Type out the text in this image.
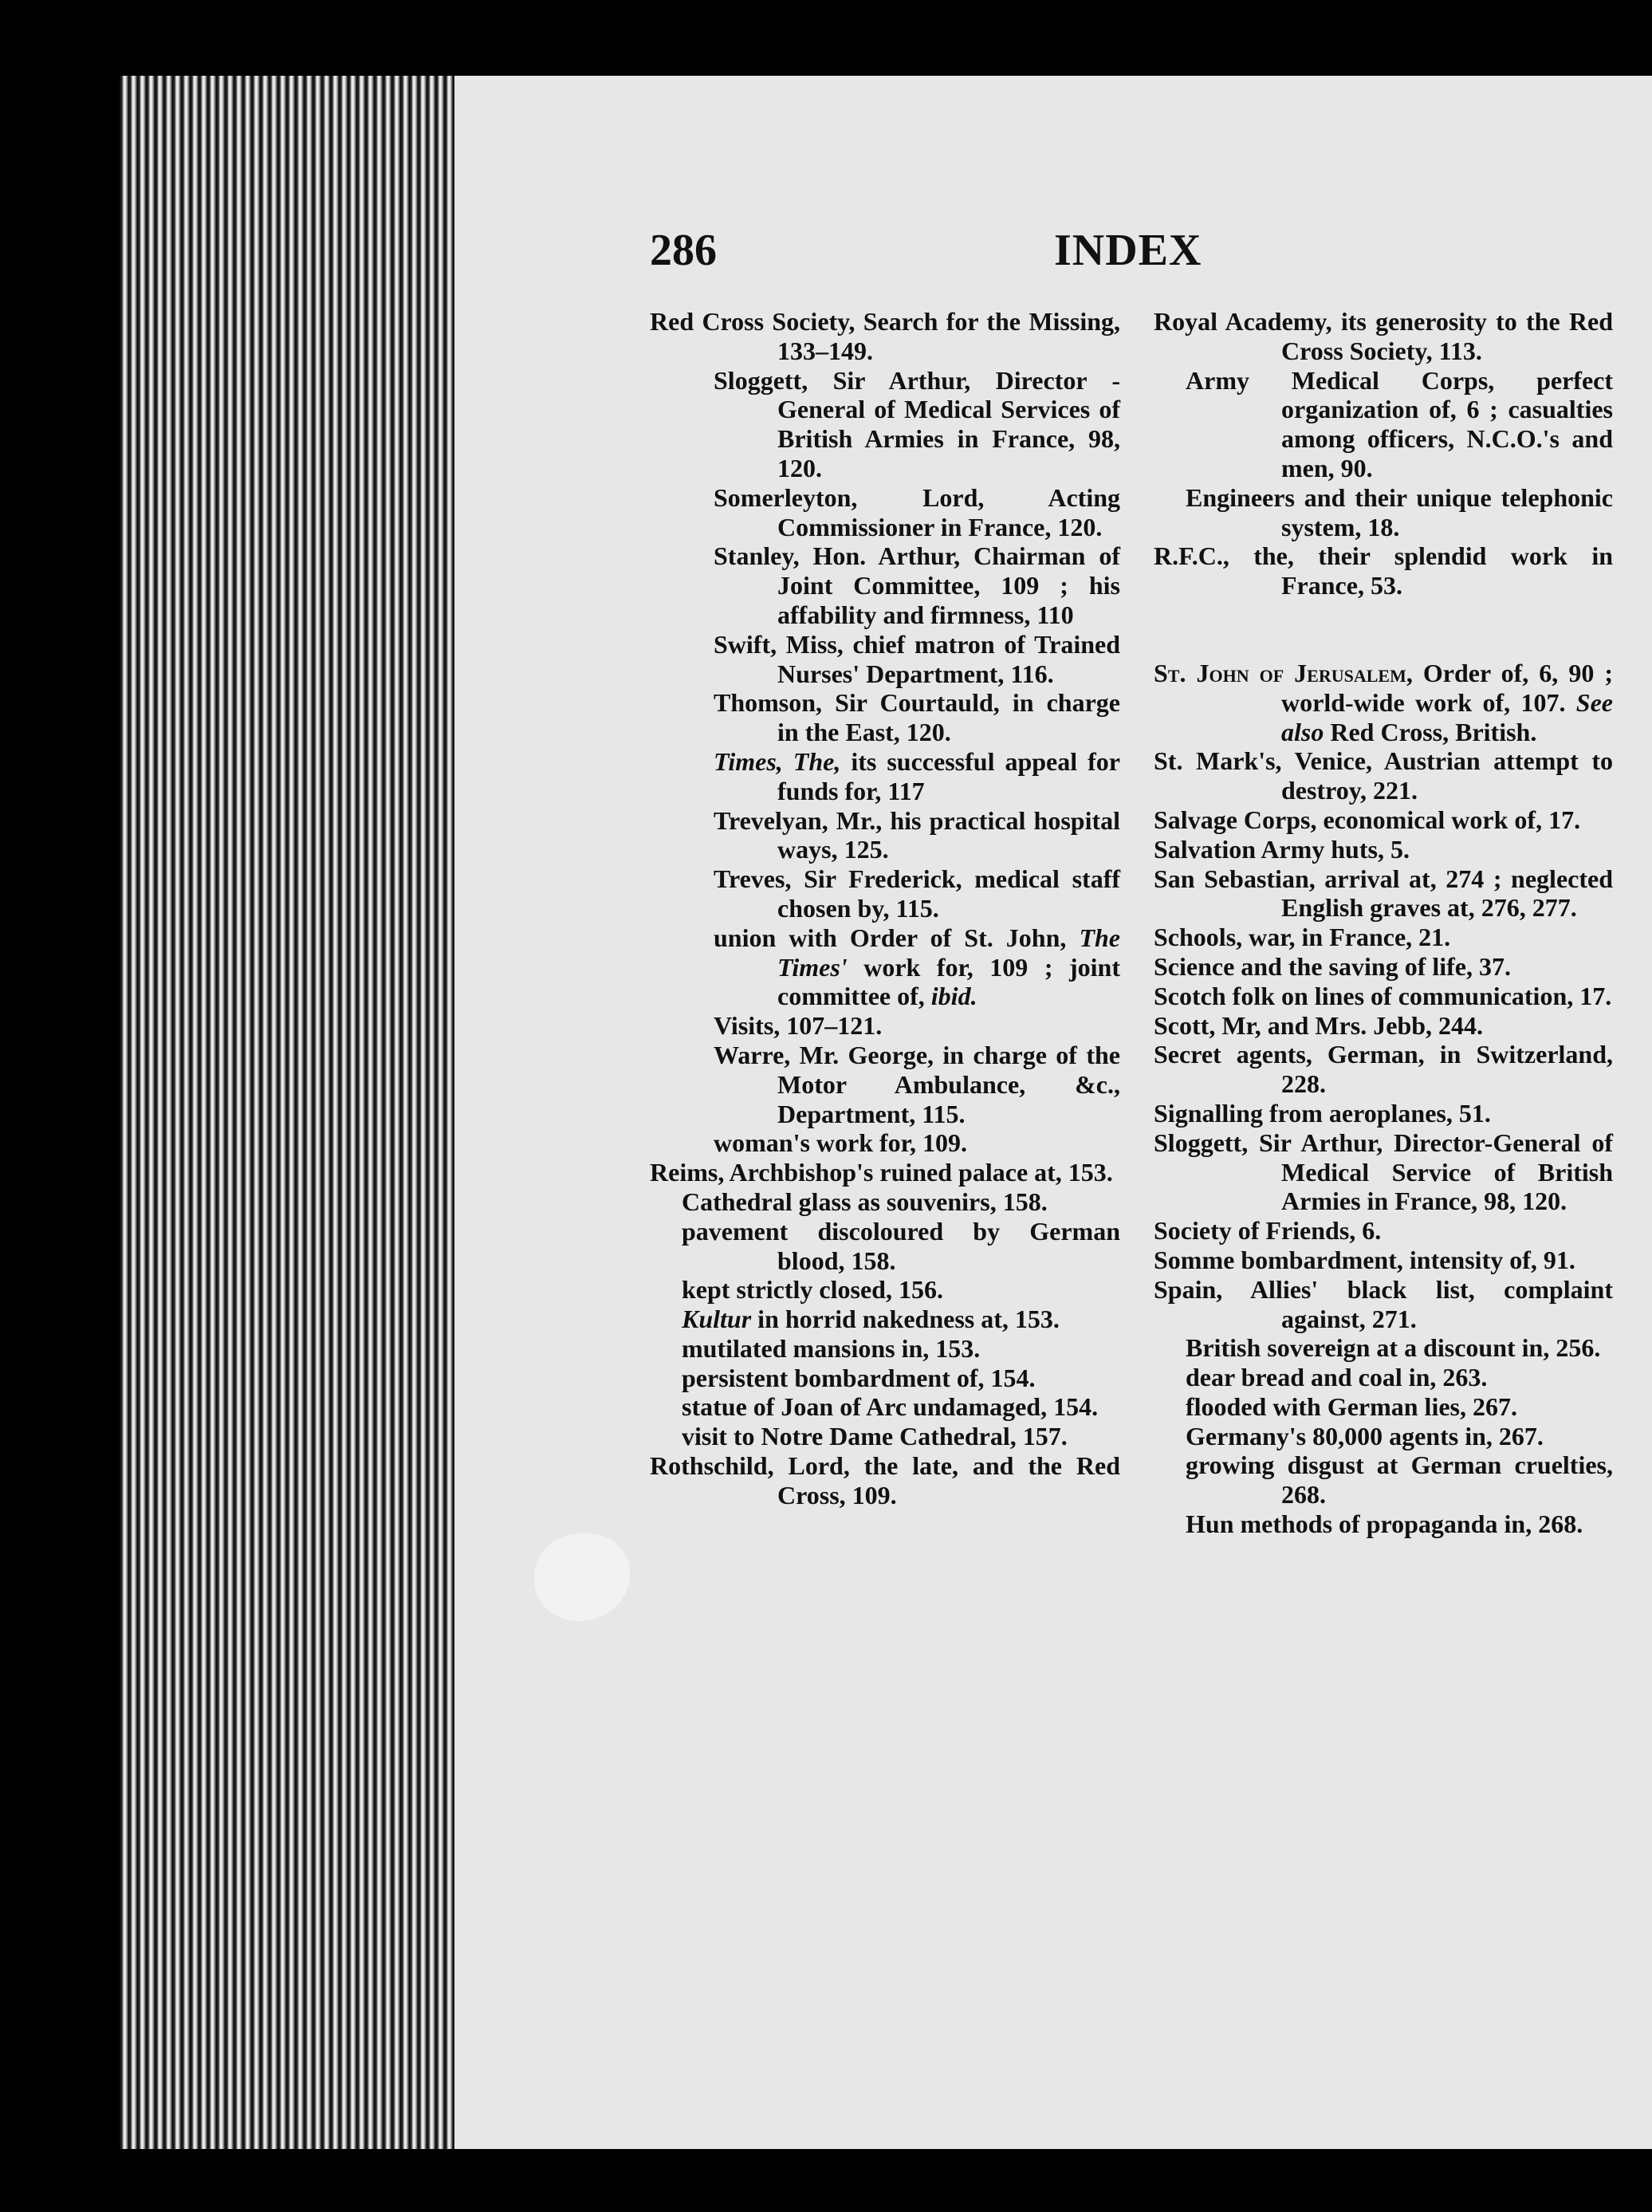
286	INDEX

Red Cross Society, Search for the Missing, 133–149.

Sloggett, Sir Arthur, Director - General of Medical Services of British Armies in France, 98, 120.

Somerleyton, Lord, Acting Commissioner in France, 120.

Stanley, Hon. Arthur, Chairman of Joint Committee, 109 ; his affability and firmness, 110

Swift, Miss, chief matron of Trained Nurses' Department, 116.

Thomson, Sir Courtauld, in charge in the East, 120.

Times, The, its successful appeal for funds for, 117

Trevelyan, Mr., his practical hospital ways, 125.

Treves, Sir Frederick, medical staff chosen by, 115.

union with Order of St. John, The Times' work for, 109 ; joint committee of, ibid.

Visits, 107–121.

Warre, Mr. George, in charge of the Motor Ambulance, &c., Department, 115.

woman's work for, 109.

Reims, Archbishop's ruined palace at, 153.

Cathedral glass as souvenirs, 158.

pavement discoloured by German blood, 158.

kept strictly closed, 156.

Kultur in horrid nakedness at, 153.

mutilated mansions in, 153.

persistent bombardment of, 154.

statue of Joan of Arc undamaged, 154.

visit to Notre Dame Cathedral, 157.

Rothschild, Lord, the late, and the Red Cross, 109.

Royal Academy, its generosity to the Red Cross Society, 113.

Army Medical Corps, perfect organization of, 6 ; casualties among officers, N.C.O.'s and men, 90.

Engineers and their unique telephonic system, 18.

R.F.C., the, their splendid work in France, 53.

St. John of Jerusalem, Order of, 6, 90 ; world-wide work of, 107. See also Red Cross, British.

St. Mark's, Venice, Austrian attempt to destroy, 221.

Salvage Corps, economical work of, 17.

Salvation Army huts, 5.

San Sebastian, arrival at, 274 ; neglected English graves at, 276, 277.

Schools, war, in France, 21.

Science and the saving of life, 37.

Scotch folk on lines of communication, 17.

Scott, Mr, and Mrs. Jebb, 244.

Secret agents, German, in Switzerland, 228.

Signalling from aeroplanes, 51.

Sloggett, Sir Arthur, Director-General of Medical Service of British Armies in France, 98, 120.

Society of Friends, 6.

Somme bombardment, intensity of, 91.

Spain, Allies' black list, complaint against, 271.

British sovereign at a discount in, 256.

dear bread and coal in, 263.

flooded with German lies, 267.

Germany's 80,000 agents in, 267.

growing disgust at German cruelties, 268.

Hun methods of propaganda in, 268.
